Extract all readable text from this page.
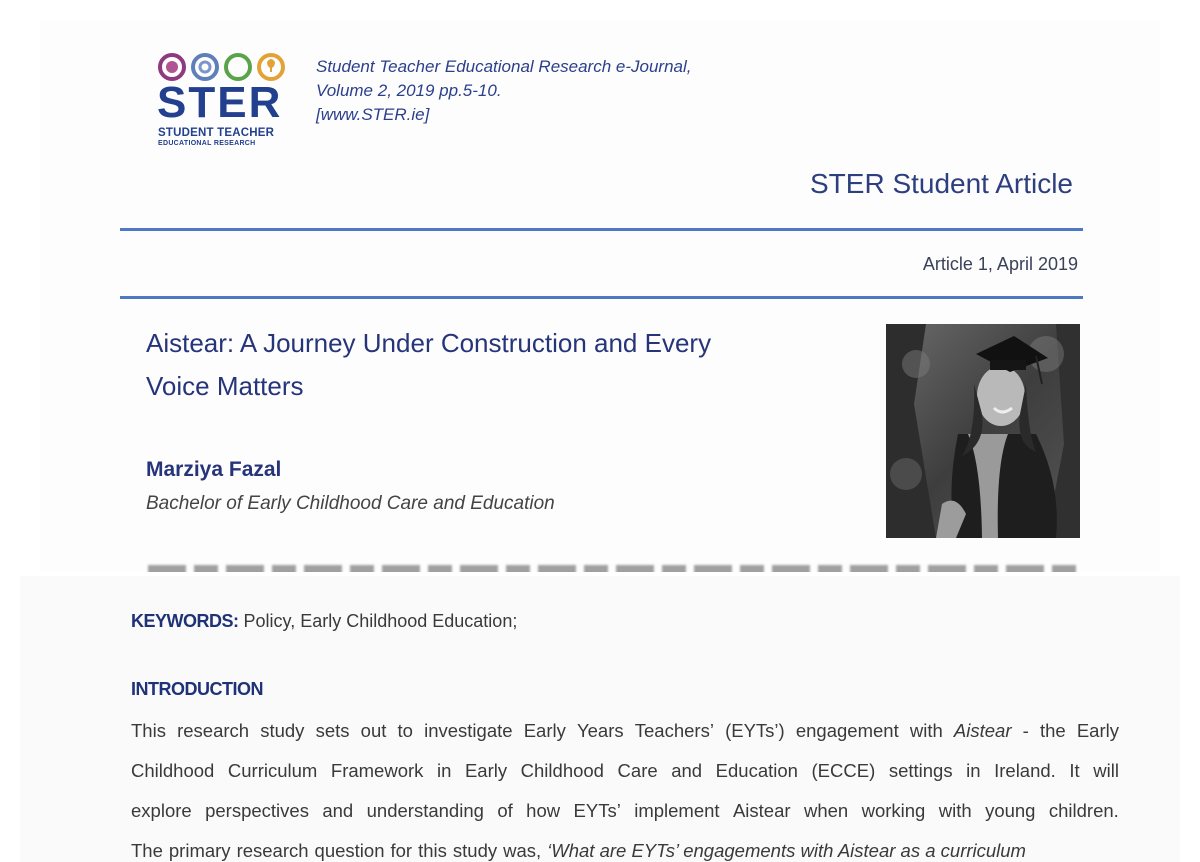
STER
STUDENT TEACHER
EDUCATIONAL RESEARCH
Student Teacher Educational Research e-Journal,
Volume 2, 2019 pp.5-10.
[www.STER.ie]
STER Student Article
Article 1, April 2019
Aistear: A Journey Under Construction and Every
Voice Matters
Marziya Fazal
Bachelor of Early Childhood Care and Education
KEYWORDS: Policy, Early Childhood Education;
INTRODUCTION
This research study sets out to investigate Early Years Teachers’ (EYTs’) engagement with Aistear - the Early
Childhood Curriculum Framework in Early Childhood Care and Education (ECCE) settings in Ireland. It will
explore perspectives and understanding of how EYTs’ implement Aistear when working with young children.
The primary research question for this study was, ‘What are EYTs’ engagements with Aistear as a curriculum
